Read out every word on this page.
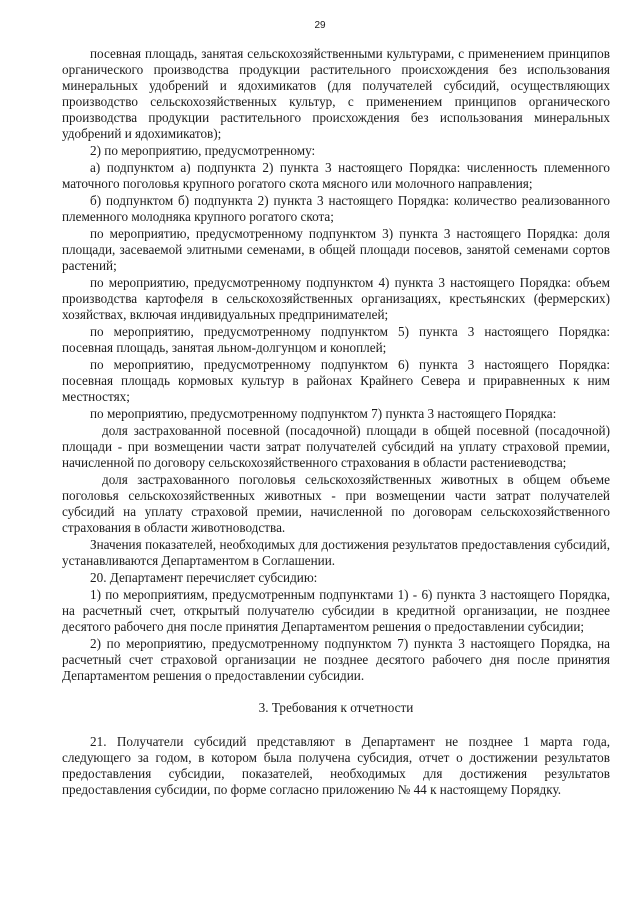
29

посевная площадь, занятая сельскохозяйственными культурами, с применением принципов органического производства продукции растительного происхождения без использования минеральных удобрений и ядохимикатов (для получателей субсидий, осуществляющих производство сельскохозяйственных культур, с применением принципов органического производства продукции растительного происхождения без использования минеральных удобрений и ядохимикатов);

2) по мероприятию, предусмотренному:

а) подпунктом а) подпункта 2) пункта 3 настоящего Порядка: численность племенного маточного поголовья крупного рогатого скота мясного или молочного направления;

б) подпунктом б) подпункта 2) пункта 3 настоящего Порядка: количество реализованного племенного молодняка крупного рогатого скота;

по мероприятию, предусмотренному подпунктом 3) пункта 3 настоящего Порядка: доля площади, засеваемой элитными семенами, в общей площади посевов, занятой семенами сортов растений;

по мероприятию, предусмотренному подпунктом 4) пункта 3 настоящего Порядка: объем производства картофеля в сельскохозяйственных организациях, крестьянских (фермерских) хозяйствах, включая индивидуальных предпринимателей;

по мероприятию, предусмотренному подпунктом 5) пункта 3 настоящего Порядка: посевная площадь, занятая льном-долгунцом и коноплей;

по мероприятию, предусмотренному подпунктом 6) пункта 3 настоящего Порядка: посевная площадь кормовых культур в районах Крайнего Севера и приравненных к ним местностях;

по мероприятию, предусмотренному подпунктом 7) пункта 3 настоящего Порядка:

доля застрахованной посевной (посадочной) площади в общей посевной (посадочной) площади - при возмещении части затрат получателей субсидий на уплату страховой премии, начисленной по договору сельскохозяйственного страхования в области растениеводства;

доля застрахованного поголовья сельскохозяйственных животных в общем объеме поголовья сельскохозяйственных животных - при возмещении части затрат получателей субсидий на уплату страховой премии, начисленной по договорам сельскохозяйственного страхования в области животноводства.

Значения показателей, необходимых для достижения результатов предоставления субсидий, устанавливаются Департаментом в Соглашении.

20. Департамент перечисляет субсидию:

1) по мероприятиям, предусмотренным подпунктами 1) - 6) пункта 3 настоящего Порядка, на расчетный счет, открытый получателю субсидии в кредитной организации, не позднее десятого рабочего дня после принятия Департаментом решения о предоставлении субсидии;

2) по мероприятию, предусмотренному подпунктом 7) пункта 3 настоящего Порядка, на расчетный счет страховой организации не позднее десятого рабочего дня после принятия Департаментом решения о предоставлении субсидии.

3. Требования к отчетности

21. Получатели субсидий представляют в Департамент не позднее 1 марта года, следующего за годом, в котором была получена субсидия, отчет о достижении результатов предоставления субсидии, показателей, необходимых для достижения результатов предоставления субсидии, по форме согласно приложению № 44 к настоящему Порядку.
